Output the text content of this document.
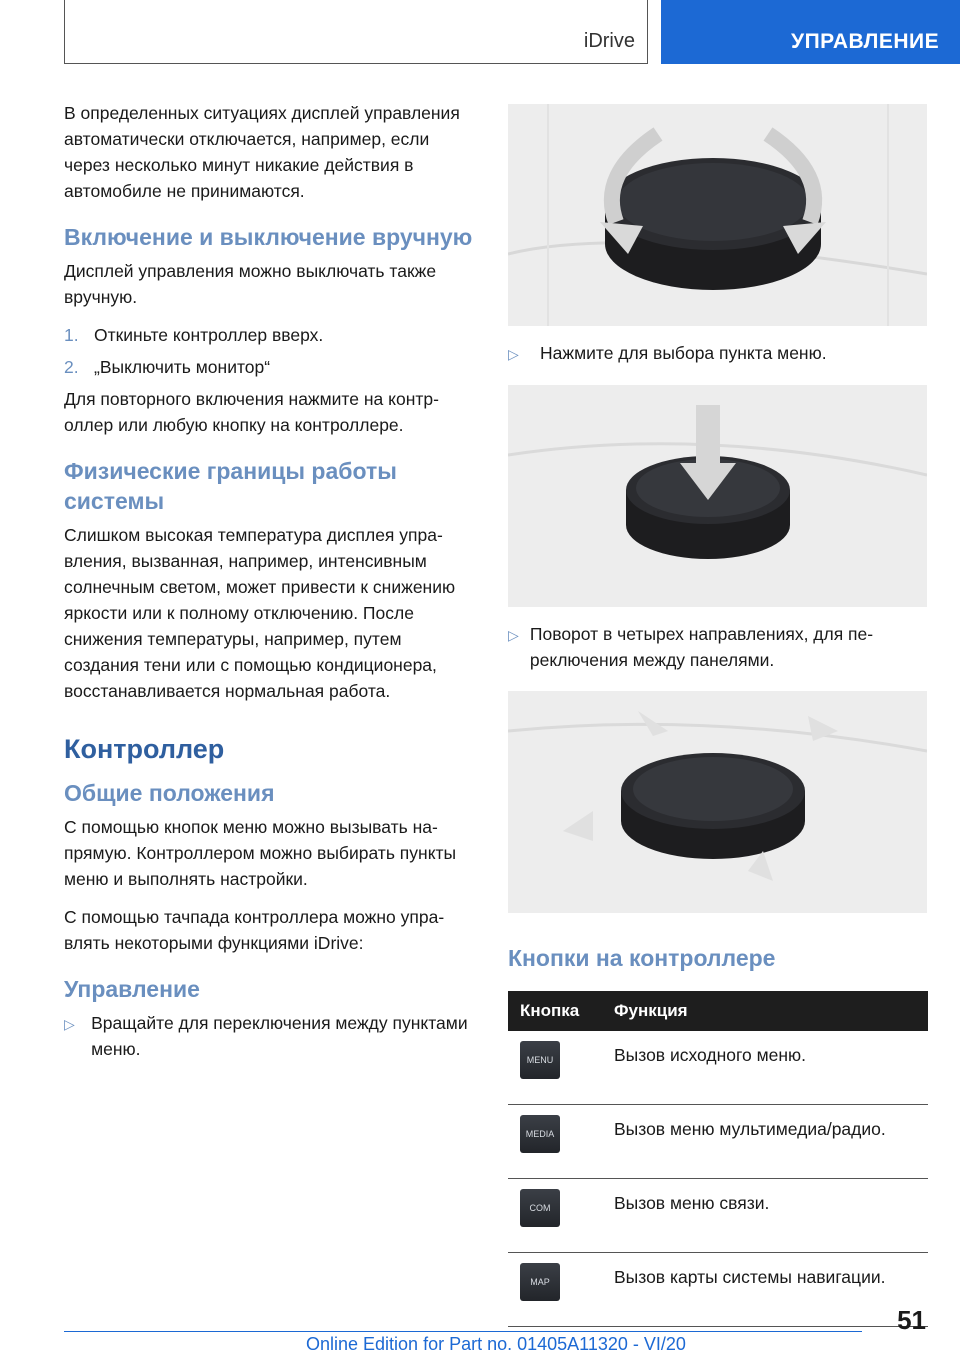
iDrive	УПРАВЛЕНИЕ

В определенных ситуациях дисплей управления автоматически отключается, например, если через несколько минут никакие действия в автомобиле не принимаются.

Включение и выключение вручную

Дисплей управления можно выключать также вручную.

1. Откиньте контроллер вверх.
2. „Выключить монитор“

Для повторного включения нажмите на контроллер или любую кнопку на контроллере.

Физические границы работы системы

Слишком высокая температура дисплея управления, вызванная, например, интенсивным солнечным светом, может привести к снижению яркости или к полному отключению. После снижения температуры, например, путем создания тени или с помощью кондиционера, восстанавливается нормальная работа.

Контроллер
Общие положения

С помощью кнопок меню можно вызывать напрямую. Контроллером можно выбирать пункты меню и выполнять настройки.

С помощью тачпада контроллера можно управлять некоторыми функциями iDrive:

Управление
▷ Вращайте для переключения между пунктами меню.
▷	Нажмите для выбора пункта меню.
▷ Поворот в четырех направлениях, для переключения между панелями.
Кнопки на контроллере
Кнопка	Функция

MENU	Вызов исходного меню.

MEDIA	Вызов меню мультимедиа/радио.

COM	Вызов меню связи.

MAP	Вызов карты системы навигации.
51
Online Edition for Part no. 01405A11320 - VI/20
